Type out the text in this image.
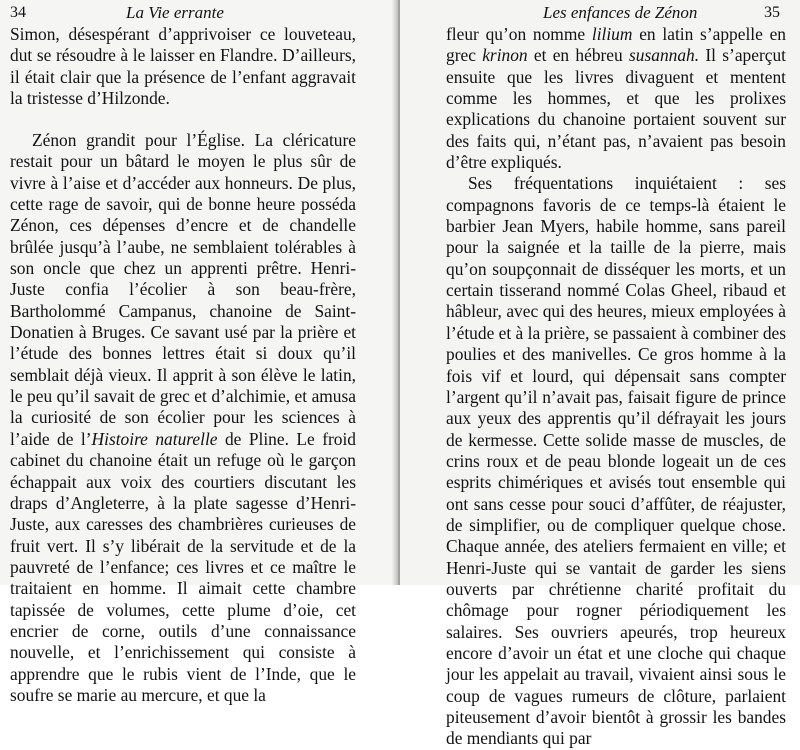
34	La Vie errante

Simon, désespérant d’apprivoiser ce louveteau, dut se résoudre à le laisser en Flandre. D’ailleurs, il était clair que la présence de l’enfant aggravait la tristesse d’Hilzonde.

Zénon grandit pour l’Église. La cléricature restait pour un bâtard le moyen le plus sûr de vivre à l’aise et d’accéder aux honneurs. De plus, cette rage de savoir, qui de bonne heure posséda Zénon, ces dépenses d’encre et de chandelle brûlée jusqu’à l’aube, ne semblaient tolérables à son oncle que chez un apprenti prêtre. Henri-Juste confia l’écolier à son beau-frère, Bartholommé Campanus, chanoine de Saint-Donatien à Bruges. Ce savant usé par la prière et l’étude des bonnes lettres était si doux qu’il semblait déjà vieux. Il apprit à son élève le latin, le peu qu’il savait de grec et d’alchimie, et amusa la curiosité de son écolier pour les sciences à l’aide de l’Histoire naturelle de Pline. Le froid cabinet du chanoine était un refuge où le garçon échappait aux voix des courtiers discutant les draps d’Angleterre, à la plate sagesse d’Henri-Juste, aux caresses des chambrières curieuses de fruit vert. Il s’y libérait de la servitude et de la pauvreté de l’enfance; ces livres et ce maître le traitaient en homme. Il aimait cette chambre tapissée de volumes, cette plume d’oie, cet encrier de corne, outils d’une connaissance nouvelle, et l’enrichissement qui consiste à apprendre que le rubis vient de l’Inde, que le soufre se marie au mercure, et que la

Les enfances de Zénon	35

fleur qu’on nomme lilium en latin s’appelle en grec krinon et en hébreu susannah. Il s’aperçut ensuite que les livres divaguent et mentent comme les hommes, et que les prolixes explications du chanoine portaient souvent sur des faits qui, n’étant pas, n’avaient pas besoin d’être expliqués.

Ses fréquentations inquiétaient : ses compagnons favoris de ce temps-là étaient le barbier Jean Myers, habile homme, sans pareil pour la saignée et la taille de la pierre, mais qu’on soupçonnait de disséquer les morts, et un certain tisserand nommé Colas Gheel, ribaud et hâbleur, avec qui des heures, mieux employées à l’étude et à la prière, se passaient à combiner des poulies et des manivelles. Ce gros homme à la fois vif et lourd, qui dépensait sans compter l’argent qu’il n’avait pas, faisait figure de prince aux yeux des apprentis qu’il défrayait les jours de kermesse. Cette solide masse de muscles, de crins roux et de peau blonde logeait un de ces esprits chimériques et avisés tout ensemble qui ont sans cesse pour souci d’affûter, de réajuster, de simplifier, ou de compliquer quelque chose. Chaque année, des ateliers fermaient en ville; et Henri-Juste qui se vantait de garder les siens ouverts par chrétienne charité profitait du chômage pour rogner périodiquement les salaires. Ses ouvriers apeurés, trop heureux encore d’avoir un état et une cloche qui chaque jour les appelait au travail, vivaient ainsi sous le coup de vagues rumeurs de clôture, parlaient piteusement d’avoir bientôt à grossir les bandes de mendiants qui par
